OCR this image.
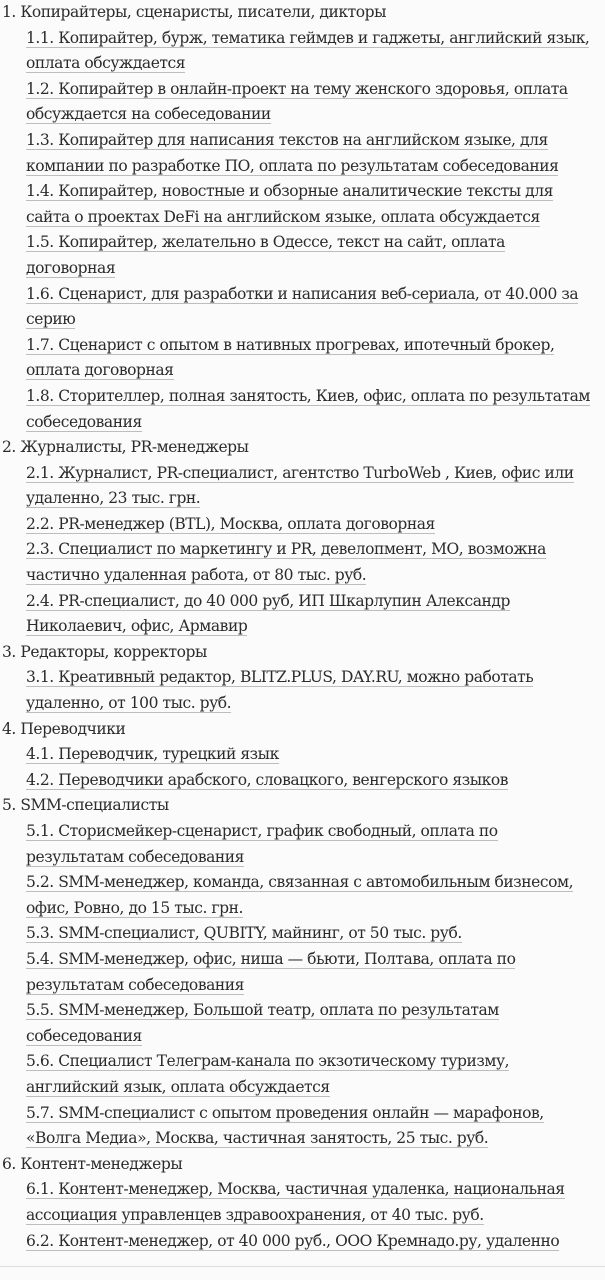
1. Копирайтеры, сценаристы, писатели, дикторы
1.1. Копирайтер, бурж, тематика геймдев и гаджеты, английский язык, оплата обсуждается
1.2. Копирайтер в онлайн-проект на тему женского здоровья, оплата обсуждается на собеседовании
1.3. Копирайтер для написания текстов на английском языке, для компании по разработке ПО, оплата по результатам собеседования
1.4. Копирайтер, новостные и обзорные аналитические тексты для сайта о проектах DeFi на английском языке, оплата обсуждается
1.5. Копирайтер, желательно в Одессе, текст на сайт, оплата договорная
1.6. Сценарист, для разработки и написания веб-сериала, от 40.000 за серию
1.7. Сценарист с опытом в нативных прогревах, ипотечный брокер, оплата договорная
1.8. Сторителлер, полная занятость, Киев, офис, оплата по результатам собеседования
2. Журналисты, PR-менеджеры
2.1. Журналист, PR-специалист, агентство TurboWeb , Киев, офис или удаленно, 23 тыс. грн.
2.2. PR-менеджер (BTL), Москва, оплата договорная
2.3. Специалист по маркетингу и PR, девелопмент, МО, возможна частично удаленная работа, от 80 тыс. руб.
2.4. PR-специалист, до 40 000 руб, ИП Шкарлупин Александр Николаевич, офис, Армавир
3. Редакторы, корректоры
3.1. Креативный редактор, BLITZ.PLUS, DAY.RU, можно работать удаленно, от 100 тыс. руб.
4. Переводчики
4.1. Переводчик, турецкий язык
4.2. Переводчики арабского, словацкого, венгерского языков
5. SMM-специалисты
5.1. Сторисмейкер-сценарист, график свободный, оплата по результатам собеседования
5.2. SMM-менеджер, команда, связанная с автомобильным бизнесом, офис, Ровно, до 15 тыс. грн.
5.3. SMM-специалист, QUBITY, майнинг, от 50 тыс. руб.
5.4. SMM-менеджер, офис, ниша — бьюти, Полтава, оплата по результатам собеседования
5.5. SMM-менеджер, Большой театр, оплата по результатам собеседования
5.6. Специалист Телеграм-канала по экзотическому туризму, английский язык, оплата обсуждается
5.7. SMM-специалист с опытом проведения онлайн — марафонов, «Волга Медиа», Москва, частичная занятость, 25 тыс. руб.
6. Контент-менеджеры
6.1. Контент-менеджер, Москва, частичная удаленка, национальная ассоциация управленцев здравоохранения, от 40 тыс. руб.
6.2. Контент-менеджер, от 40 000 руб., ООО Кремнадо.ру, удаленно
